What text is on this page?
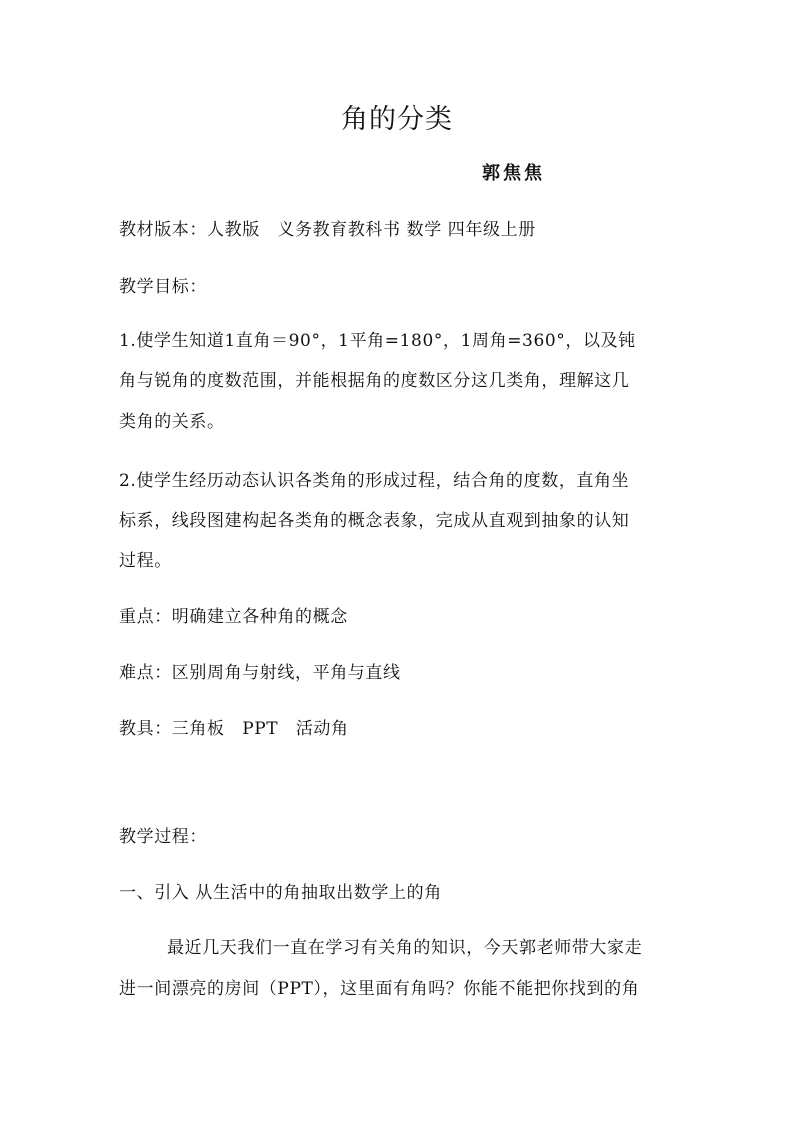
角的分类
郭焦焦

教材版本：人教版　义务教育教科书 数学 四年级上册

教学目标：

1.使学生知道1直角＝90°，1平角=180°，1周角=360°，以及钝

角与锐角的度数范围，并能根据角的度数区分这几类角，理解这几

类角的关系。

2.使学生经历动态认识各类角的形成过程，结合角的度数，直角坐

标系，线段图建构起各类角的概念表象，完成从直观到抽象的认知

过程。

重点：明确建立各种角的概念

难点：区别周角与射线，平角与直线

教具：三角板　PPT　活动角

教学过程：

一、引入 从生活中的角抽取出数学上的角

最近几天我们一直在学习有关角的知识，今天郭老师带大家走

进一间漂亮的房间（PPT），这里面有角吗？你能不能把你找到的角
